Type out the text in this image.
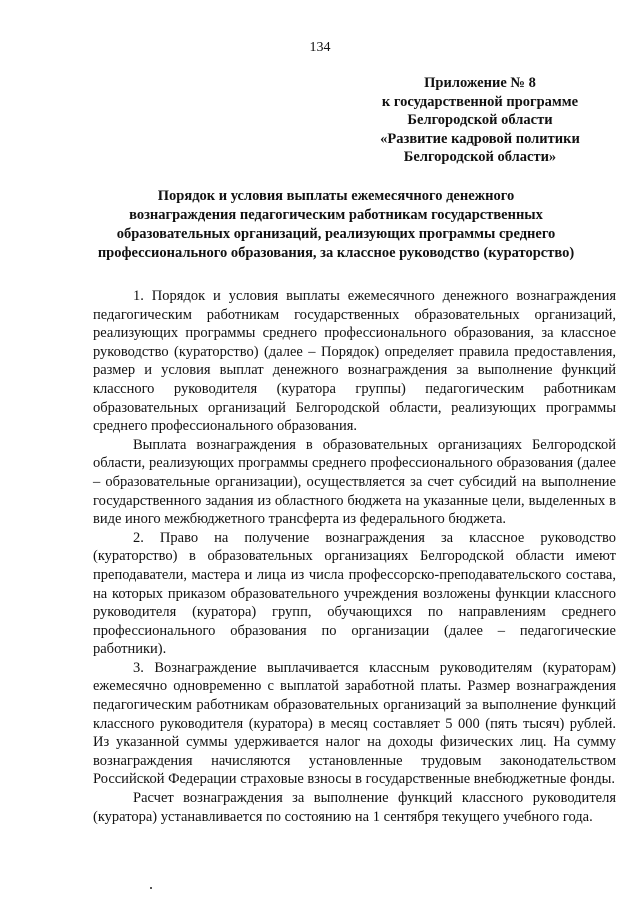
134
Приложение № 8
к государственной программе
Белгородской области
«Развитие кадровой политики
Белгородской области»
Порядок и условия выплаты ежемесячного денежного
вознаграждения педагогическим работникам государственных
образовательных организаций, реализующих программы среднего
профессионального образования, за классное руководство (кураторство)

1. Порядок и условия выплаты ежемесячного денежного вознаграждения педагогическим работникам государственных образовательных организаций, реализующих программы среднего профессионального образования, за классное руководство (кураторство) (далее – Порядок) определяет правила предоставления, размер и условия выплат денежного вознаграждения за выполнение функций классного руководителя (куратора группы) педагогическим работникам образовательных организаций Белгородской области, реализующих программы среднего профессионального образования.

Выплата вознаграждения в образовательных организациях Белгородской области, реализующих программы среднего профессионального образования (далее – образовательные организации), осуществляется за счет субсидий на выполнение государственного задания из областного бюджета на указанные цели, выделенных в виде иного межбюджетного трансферта из федерального бюджета.

2. Право на получение вознаграждения за классное руководство (кураторство) в образовательных организациях Белгородской области имеют преподаватели, мастера и лица из числа профессорско-преподавательского состава, на которых приказом образовательного учреждения возложены функции классного руководителя (куратора) групп, обучающихся по направлениям среднего профессионального образования по организации (далее – педагогические работники).

3. Вознаграждение выплачивается классным руководителям (кураторам) ежемесячно одновременно с выплатой заработной платы. Размер вознаграждения педагогическим работникам образовательных организаций за выполнение функций классного руководителя (куратора) в месяц составляет 5 000 (пять тысяч) рублей. Из указанной суммы удерживается налог на доходы физических лиц. На сумму вознаграждения начисляются установленные трудовым законодательством Российской Федерации страховые взносы в государственные внебюджетные фонды.

Расчет вознаграждения за выполнение функций классного руководителя (куратора) устанавливается по состоянию на 1 сентября текущего учебного года.
